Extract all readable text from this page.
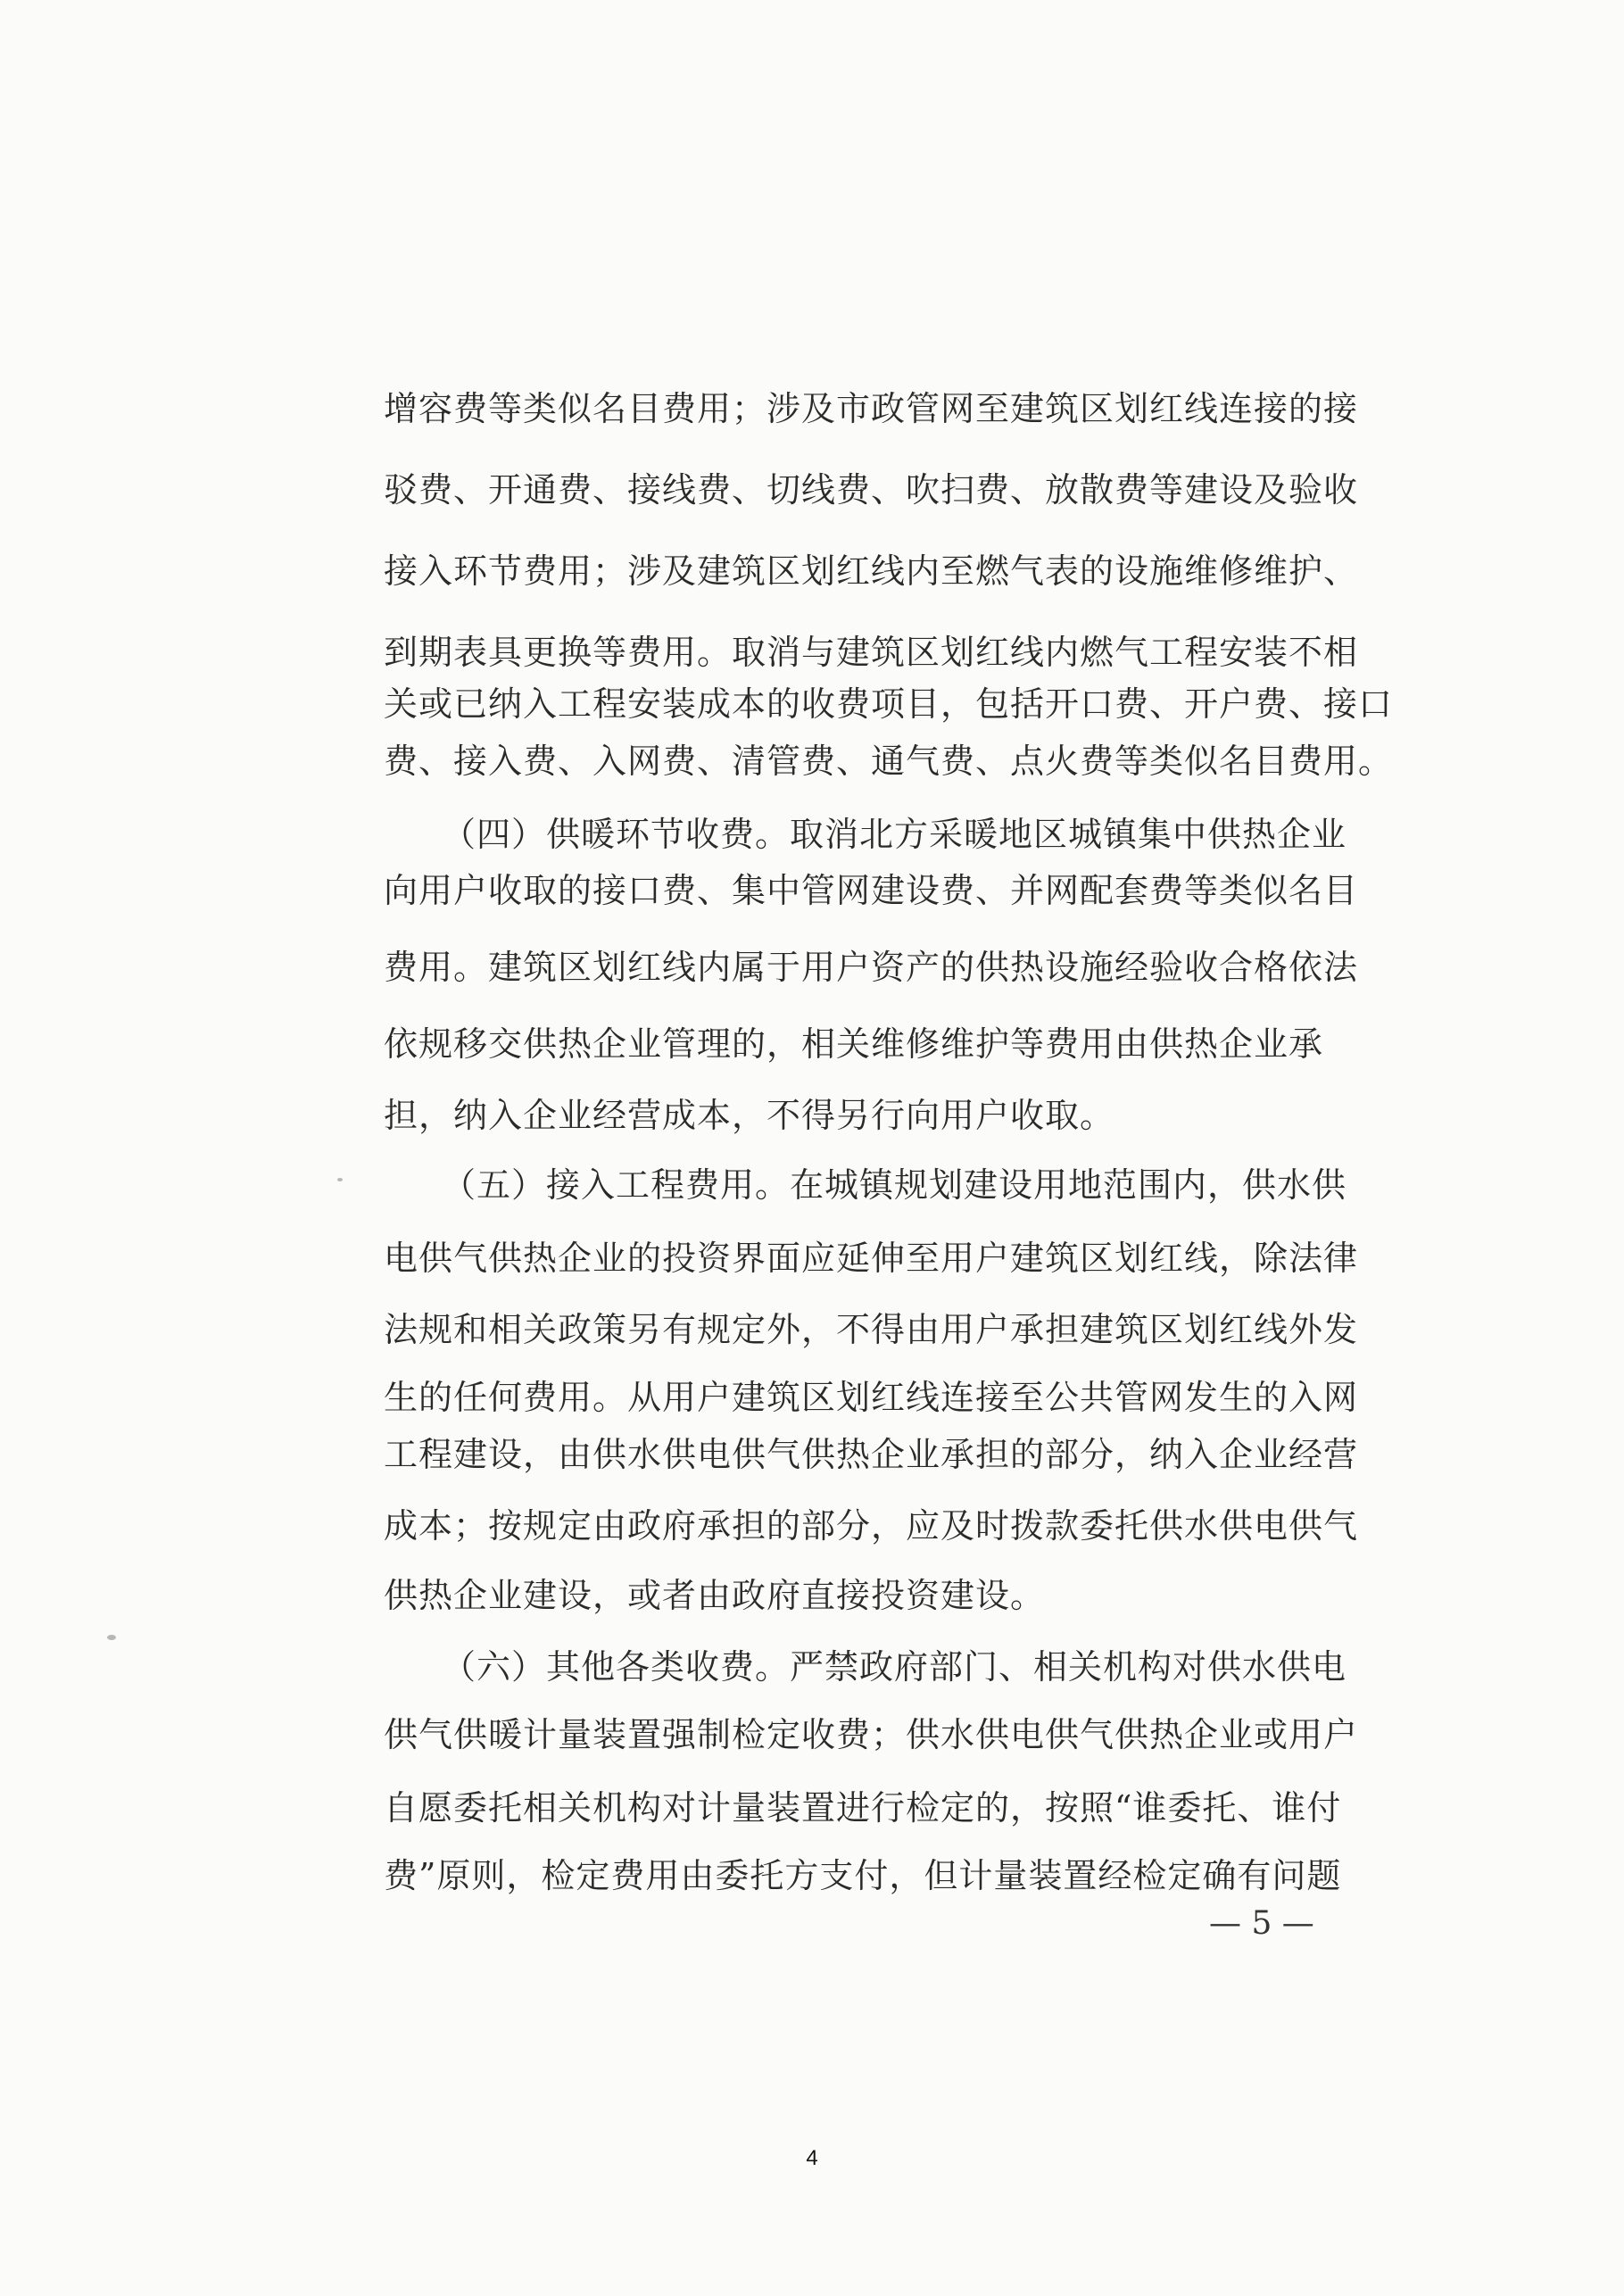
增容费等类似名目费用；涉及市政管网至建筑区划红线连接的接
驳费、开通费、接线费、切线费、吹扫费、放散费等建设及验收
接入环节费用；涉及建筑区划红线内至燃气表的设施维修维护、
到期表具更换等费用。取消与建筑区划红线内燃气工程安装不相
关或已纳入工程安装成本的收费项目，包括开口费、开户费、接口
费、接入费、入网费、清管费、通气费、点火费等类似名目费用。
（四）供暖环节收费。取消北方采暖地区城镇集中供热企业
向用户收取的接口费、集中管网建设费、并网配套费等类似名目
费用。建筑区划红线内属于用户资产的供热设施经验收合格依法
依规移交供热企业管理的，相关维修维护等费用由供热企业承
担，纳入企业经营成本，不得另行向用户收取。
（五）接入工程费用。在城镇规划建设用地范围内，供水供
电供气供热企业的投资界面应延伸至用户建筑区划红线，除法律
法规和相关政策另有规定外，不得由用户承担建筑区划红线外发
生的任何费用。从用户建筑区划红线连接至公共管网发生的入网
工程建设，由供水供电供气供热企业承担的部分，纳入企业经营
成本；按规定由政府承担的部分，应及时拨款委托供水供电供气
供热企业建设，或者由政府直接投资建设。
（六）其他各类收费。严禁政府部门、相关机构对供水供电
供气供暖计量装置强制检定收费；供水供电供气供热企业或用户
自愿委托相关机构对计量装置进行检定的，按照“谁委托、谁付
费”原则，检定费用由委托方支付，但计量装置经检定确有问题
— 5 —
4
